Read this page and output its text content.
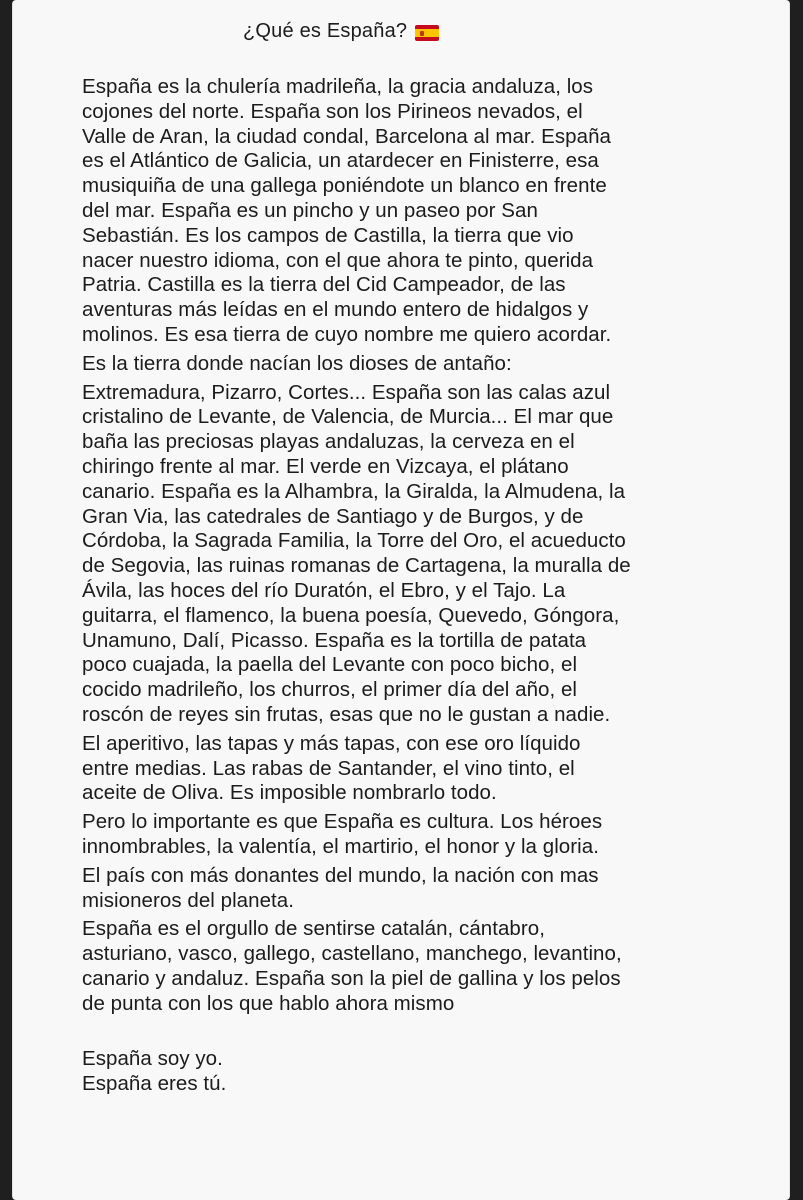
¿Qué es España?
España es la chulería madrileña, la gracia andaluza, los
cojones del norte. España son los Pirineos nevados, el
Valle de Aran, la ciudad condal, Barcelona al mar. España
es el Atlántico de Galicia, un atardecer en Finisterre, esa
musiquiña de una gallega poniéndote un blanco en frente
del mar. España es un pincho y un paseo por San
Sebastián. Es los campos de Castilla, la tierra que vio
nacer nuestro idioma, con el que ahora te pinto, querida
Patria. Castilla es la tierra del Cid Campeador, de las
aventuras más leídas en el mundo entero de hidalgos y
molinos. Es esa tierra de cuyo nombre me quiero acordar.
Es la tierra donde nacían los dioses de antaño:
Extremadura, Pizarro, Cortes... España son las calas azul
cristalino de Levante, de Valencia, de Murcia... El mar que
baña las preciosas playas andaluzas, la cerveza en el
chiringo frente al mar. El verde en Vizcaya, el plátano
canario. España es la Alhambra, la Giralda, la Almudena, la
Gran Via, las catedrales de Santiago y de Burgos, y de
Córdoba, la Sagrada Familia, la Torre del Oro, el acueducto
de Segovia, las ruinas romanas de Cartagena, la muralla de
Ávila, las hoces del río Duratón, el Ebro, y el Tajo. La
guitarra, el flamenco, la buena poesía, Quevedo, Góngora,
Unamuno, Dalí, Picasso. España es la tortilla de patata
poco cuajada, la paella del Levante con poco bicho, el
cocido madrileño, los churros, el primer día del año, el
roscón de reyes sin frutas, esas que no le gustan a nadie.
El aperitivo, las tapas y más tapas, con ese oro líquido
entre medias. Las rabas de Santander, el vino tinto, el
aceite de Oliva. Es imposible nombrarlo todo.
Pero lo importante es que España es cultura. Los héroes
innombrables, la valentía, el martirio, el honor y la gloria.
El país con más donantes del mundo, la nación con mas
misioneros del planeta.
España es el orgullo de sentirse catalán, cántabro,
asturiano, vasco, gallego, castellano, manchego, levantino,
canario y andaluz. España son la piel de gallina y los pelos
de punta con los que hablo ahora mismo
España soy yo.
España eres tú.
